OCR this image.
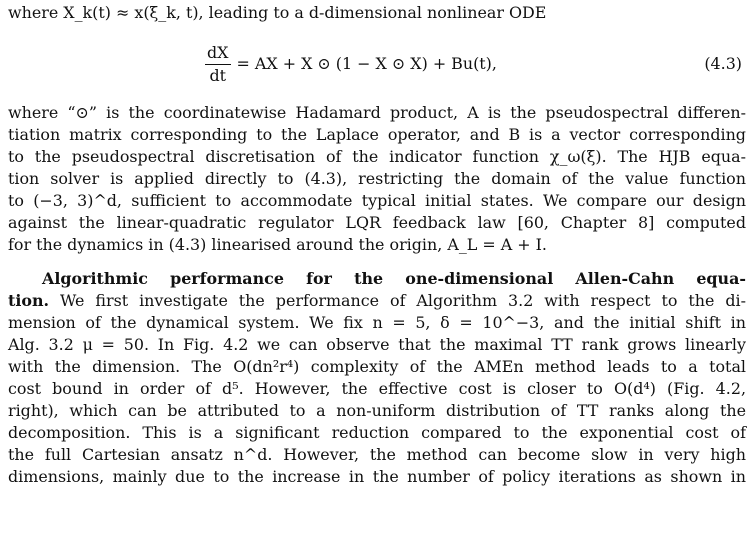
where X_k(t) ≈ x(ξ_k, t), leading to a d-dimensional nonlinear ODE
$\frac{dX}{dt}$ = AX + X ⊙ (1 − X ⊙ X) + Bu(t),	(4.3)
where “⊙” is the coordinatewise Hadamard product, A is the pseudospectral differen-
tiation matrix corresponding to the Laplace operator, and B is a vector corresponding
to the pseudospectral discretisation of the indicator function χ_ω(ξ). The HJB equa-
tion solver is applied directly to (4.3), restricting the domain of the value function
to (−3, 3)^d, sufficient to accommodate typical initial states. We compare our design
against the linear-quadratic regulator LQR feedback law [60, Chapter 8] computed
for the dynamics in (4.3) linearised around the origin, A_L = A + I.
Algorithmic performance for the one-dimensional Allen-Cahn equa-
tion. We first investigate the performance of Algorithm 3.2 with respect to the di-
mension of the dynamical system. We fix n = 5, δ = 10^−3, and the initial shift in
Alg. 3.2 μ = 50. In Fig. 4.2 we can observe that the maximal TT rank grows linearly
with the dimension. The O(dn²r⁴) complexity of the AMEn method leads to a total
cost bound in order of d⁵. However, the effective cost is closer to O(d⁴) (Fig. 4.2,
right), which can be attributed to a non-uniform distribution of TT ranks along the
decomposition. This is a significant reduction compared to the exponential cost of
the full Cartesian ansatz n^d. However, the method can become slow in very high
dimensions, mainly due to the increase in the number of policy iterations as shown in
